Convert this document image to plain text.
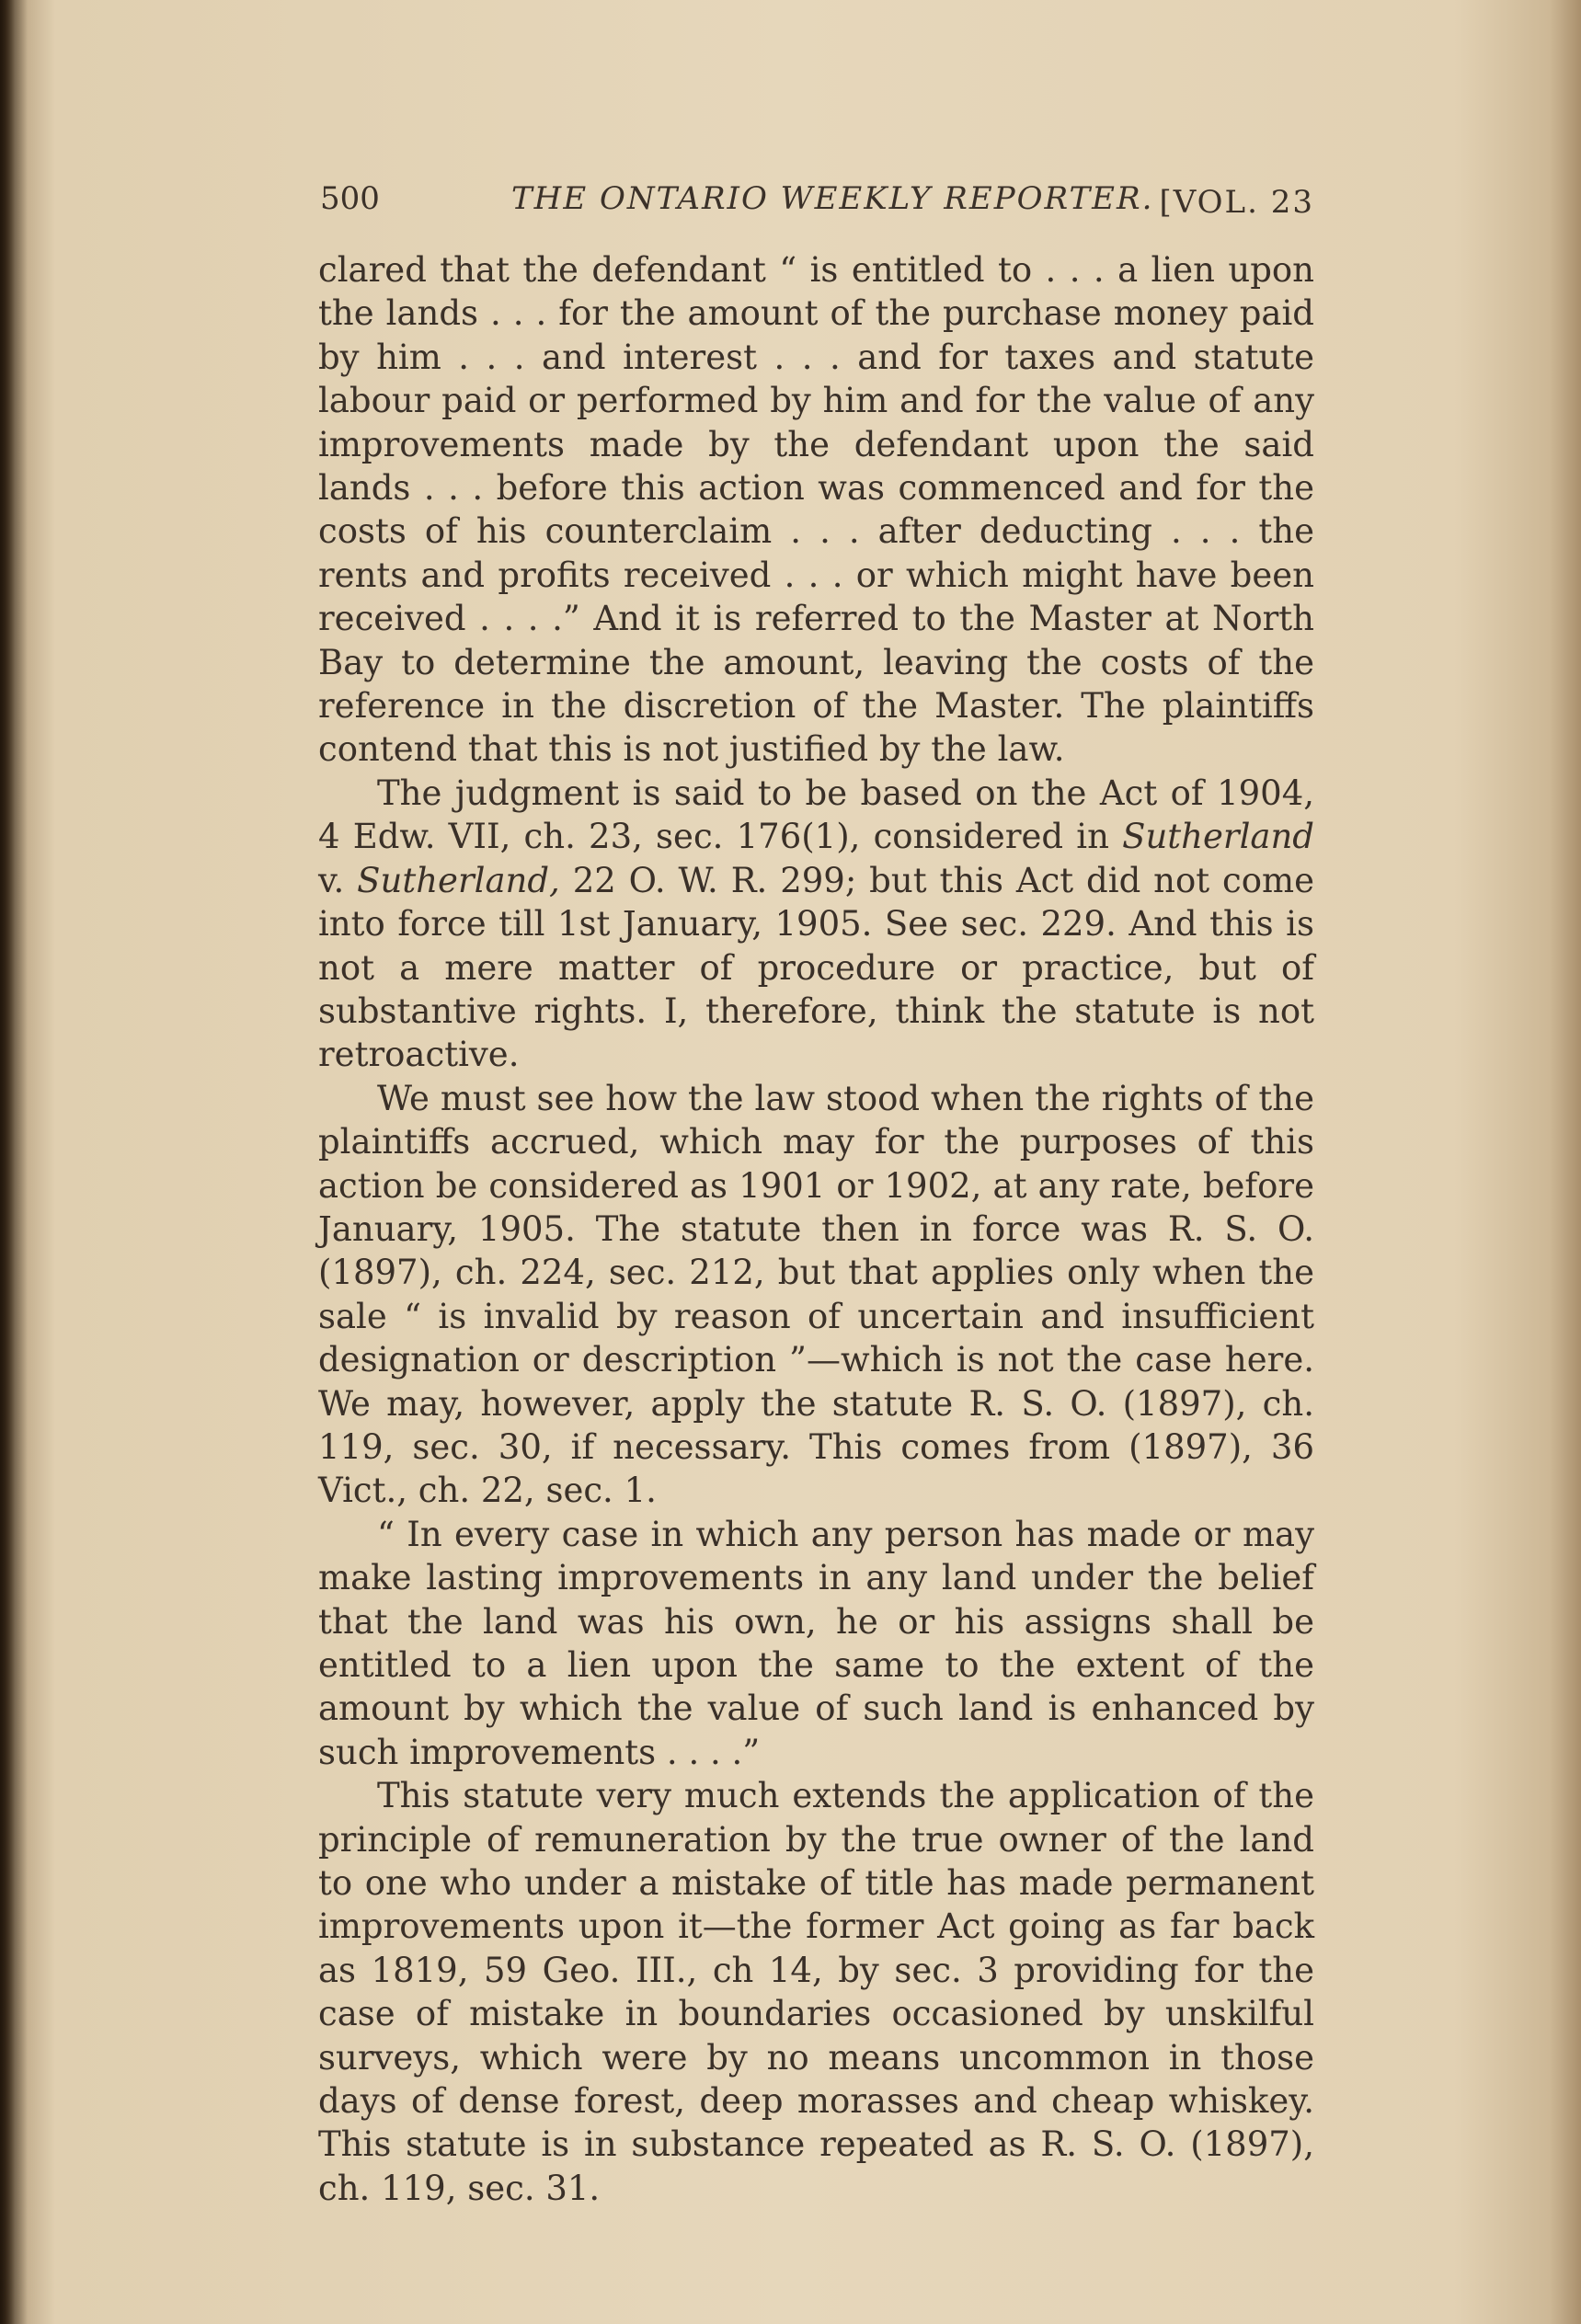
500	THE ONTARIO WEEKLY REPORTER. [VOL. 23

clared that the defendant “ is entitled to . . . a lien upon the lands . . . for the amount of the purchase money paid by him . . . and interest . . . and for taxes and statute labour paid or performed by him and for the value of any improvements made by the defendant upon the said lands . . . before this action was commenced and for the costs of his counterclaim . . . after deducting . . . the rents and profits received . . . or which might have been received . . . .” And it is referred to the Master at North Bay to determine the amount, leaving the costs of the reference in the discretion of the Master. The plaintiffs contend that this is not justified by the law.

The judgment is said to be based on the Act of 1904, 4 Edw. VII, ch. 23, sec. 176(1), considered in Sutherland v. Sutherland, 22 O. W. R. 299; but this Act did not come into force till 1st January, 1905. See sec. 229. And this is not a mere matter of procedure or practice, but of substantive rights. I, therefore, think the statute is not retroactive.

We must see how the law stood when the rights of the plaintiffs accrued, which may for the purposes of this action be considered as 1901 or 1902, at any rate, before January, 1905. The statute then in force was R. S. O. (1897), ch. 224, sec. 212, but that applies only when the sale “ is invalid by reason of uncertain and insufficient designation or description ”—which is not the case here. We may, however, apply the statute R. S. O. (1897), ch. 119, sec. 30, if necessary. This comes from (1897), 36 Vict., ch. 22, sec. 1.

“ In every case in which any person has made or may make lasting improvements in any land under the belief that the land was his own, he or his assigns shall be entitled to a lien upon the same to the extent of the amount by which the value of such land is enhanced by such improvements . . . .”

This statute very much extends the application of the principle of remuneration by the true owner of the land to one who under a mistake of title has made permanent improvements upon it—the former Act going as far back as 1819, 59 Geo. III., ch 14, by sec. 3 providing for the case of mistake in boundaries occasioned by unskilful surveys, which were by no means uncommon in those days of dense forest, deep morasses and cheap whiskey. This statute is in substance repeated as R. S. O. (1897), ch. 119, sec. 31.
